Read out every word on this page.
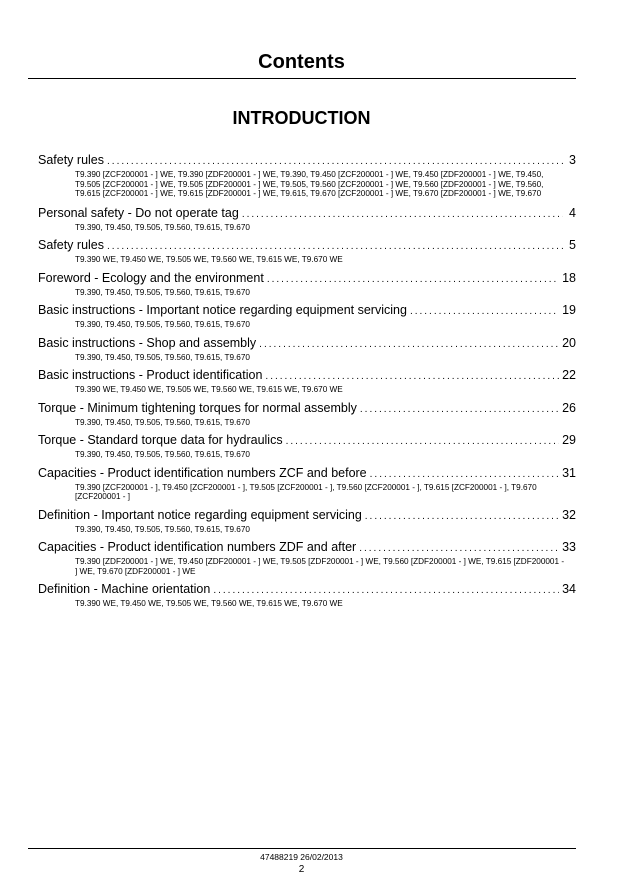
Contents
INTRODUCTION
Safety rules .....	3
T9.390 [ZCF200001 - ] WE, T9.390 [ZDF200001 - ] WE, T9.390, T9.450 [ZCF200001 - ] WE, T9.450 [ZDF200001 - ] WE, T9.450, T9.505 [ZCF200001 - ] WE, T9.505 [ZDF200001 - ] WE, T9.505, T9.560 [ZCF200001 - ] WE, T9.560 [ZDF200001 - ] WE, T9.560, T9.615 [ZCF200001 - ] WE, T9.615 [ZDF200001 - ] WE, T9.615, T9.670 [ZCF200001 - ] WE, T9.670 [ZDF200001 - ] WE, T9.670
Personal safety - Do not operate tag .....	4
T9.390, T9.450, T9.505, T9.560, T9.615, T9.670
Safety rules .....	5
T9.390 WE, T9.450 WE, T9.505 WE, T9.560 WE, T9.615 WE, T9.670 WE
Foreword - Ecology and the environment .....	18
T9.390, T9.450, T9.505, T9.560, T9.615, T9.670
Basic instructions - Important notice regarding equipment servicing .....	19
T9.390, T9.450, T9.505, T9.560, T9.615, T9.670
Basic instructions - Shop and assembly .....	20
T9.390, T9.450, T9.505, T9.560, T9.615, T9.670
Basic instructions - Product identification .....	22
T9.390 WE, T9.450 WE, T9.505 WE, T9.560 WE, T9.615 WE, T9.670 WE
Torque - Minimum tightening torques for normal assembly .....	26
T9.390, T9.450, T9.505, T9.560, T9.615, T9.670
Torque - Standard torque data for hydraulics .....	29
T9.390, T9.450, T9.505, T9.560, T9.615, T9.670
Capacities - Product identification numbers ZCF and before .....	31
T9.390 [ZCF200001 - ], T9.450 [ZCF200001 - ], T9.505 [ZCF200001 - ], T9.560 [ZCF200001 - ], T9.615 [ZCF200001 - ], T9.670 [ZCF200001 - ]
Definition - Important notice regarding equipment servicing .....	32
T9.390, T9.450, T9.505, T9.560, T9.615, T9.670
Capacities - Product identification numbers ZDF and after .....	33
T9.390 [ZDF200001 - ] WE, T9.450 [ZDF200001 - ] WE, T9.505 [ZDF200001 - ] WE, T9.560 [ZDF200001 - ] WE, T9.615 [ZDF200001 - ] WE, T9.670 [ZDF200001 - ] WE
Definition - Machine orientation .....	34
T9.390 WE, T9.450 WE, T9.505 WE, T9.560 WE, T9.615 WE, T9.670 WE
47488219 26/02/2013
2
